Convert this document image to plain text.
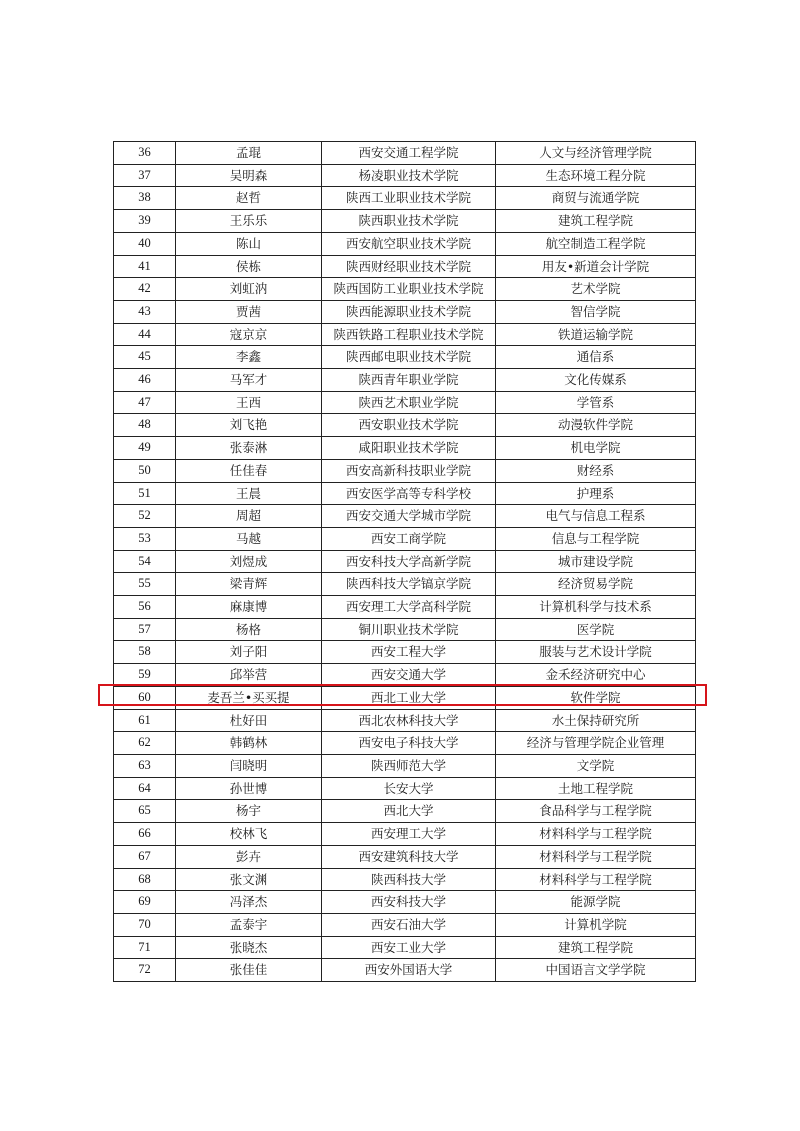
36	孟琨	西安交通工程学院	人文与经济管理学院
37	吴明森	杨凌职业技术学院	生态环境工程分院
38	赵哲	陕西工业职业技术学院	商贸与流通学院
39	王乐乐	陕西职业技术学院	建筑工程学院
40	陈山	西安航空职业技术学院	航空制造工程学院
41	侯栋	陕西财经职业技术学院	用友•新道会计学院
42	刘虹汭	陕西国防工业职业技术学院	艺术学院
43	贾茜	陕西能源职业技术学院	智信学院
44	寇京京	陕西铁路工程职业技术学院	铁道运输学院
45	李鑫	陕西邮电职业技术学院	通信系
46	马军才	陕西青年职业学院	文化传媒系
47	王西	陕西艺术职业学院	学管系
48	刘飞艳	西安职业技术学院	动漫软件学院
49	张泰淋	咸阳职业技术学院	机电学院
50	任佳春	西安高新科技职业学院	财经系
51	王晨	西安医学高等专科学校	护理系
52	周超	西安交通大学城市学院	电气与信息工程系
53	马越	西安工商学院	信息与工程学院
54	刘煜成	西安科技大学高新学院	城市建设学院
55	梁青辉	陕西科技大学镐京学院	经济贸易学院
56	麻康博	西安理工大学高科学院	计算机科学与技术系
57	杨格	铜川职业技术学院	医学院
58	刘子阳	西安工程大学	服装与艺术设计学院
59	邱举营	西安交通大学	金禾经济研究中心
60	麦吾兰•买买提	西北工业大学	软件学院
61	杜好田	西北农林科技大学	水土保持研究所
62	韩鹤林	西安电子科技大学	经济与管理学院企业管理
63	闫晓明	陕西师范大学	文学院
64	孙世博	长安大学	土地工程学院
65	杨宇	西北大学	食品科学与工程学院
66	校林飞	西安理工大学	材料科学与工程学院
67	彭卉	西安建筑科技大学	材料科学与工程学院
68	张文渊	陕西科技大学	材料科学与工程学院
69	冯泽杰	西安科技大学	能源学院
70	孟泰宇	西安石油大学	计算机学院
71	张晓杰	西安工业大学	建筑工程学院
72	张佳佳	西安外国语大学	中国语言文学学院
